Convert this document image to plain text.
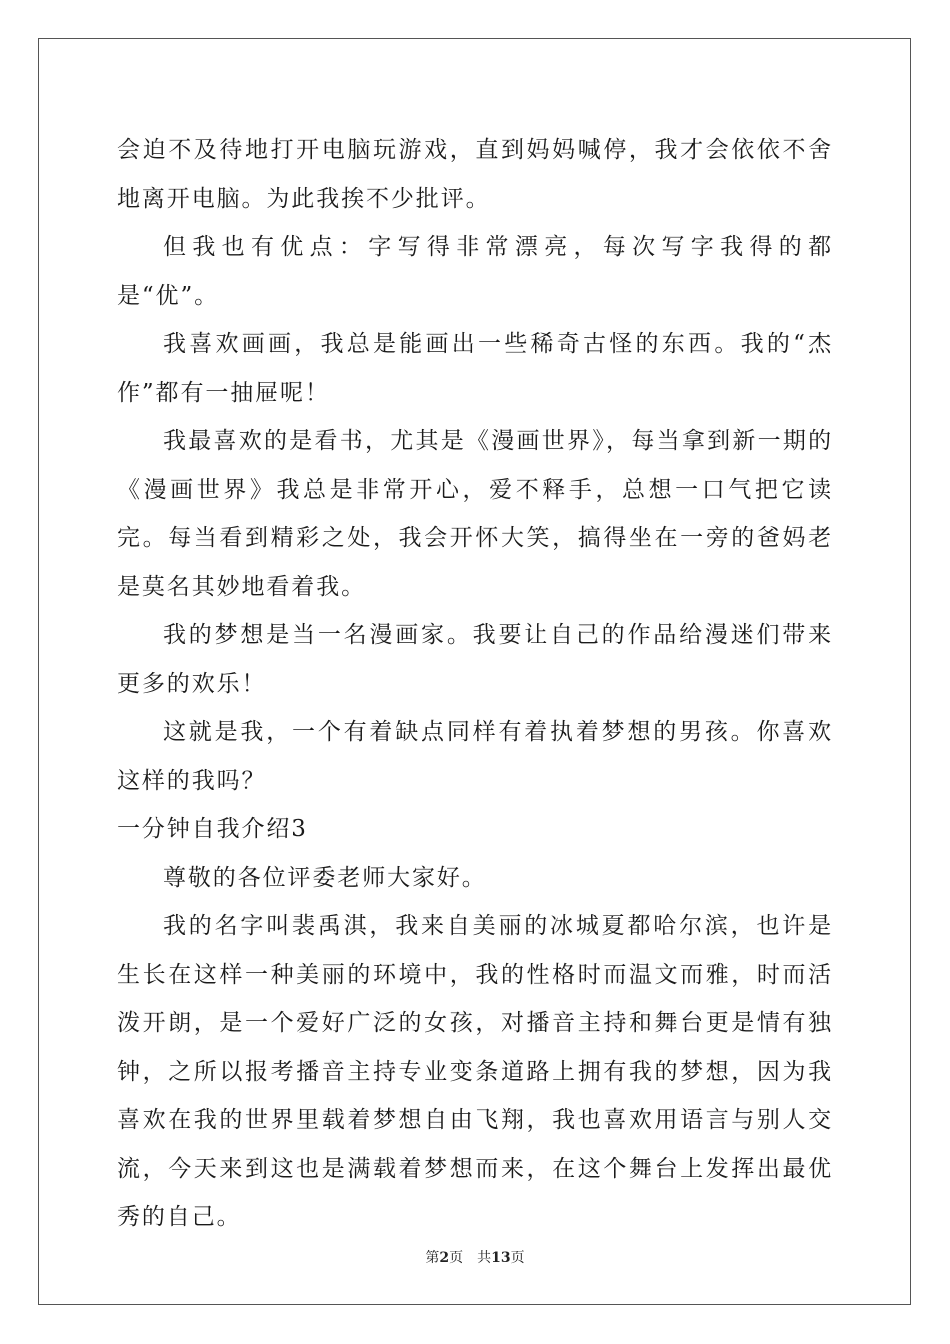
会迫不及待地打开电脑玩游戏，直到妈妈喊停，我才会依依不舍地离开电脑。为此我挨不少批评。

但我也有优点：字写得非常漂亮，每次写字我得的都是“优”。

我喜欢画画，我总是能画出一些稀奇古怪的东西。我的“杰作”都有一抽屉呢！

我最喜欢的是看书，尤其是《漫画世界》，每当拿到新一期的《漫画世界》我总是非常开心，爱不释手，总想一口气把它读完。每当看到精彩之处，我会开怀大笑，搞得坐在一旁的爸妈老是莫名其妙地看着我。

我的梦想是当一名漫画家。我要让自己的作品给漫迷们带来更多的欢乐！

这就是我，一个有着缺点同样有着执着梦想的男孩。你喜欢这样的我吗？

一分钟自我介绍3

尊敬的各位评委老师大家好。

我的名字叫裴禹淇，我来自美丽的冰城夏都哈尔滨，也许是生长在这样一种美丽的环境中，我的性格时而温文而雅，时而活泼开朗，是一个爱好广泛的女孩，对播音主持和舞台更是情有独钟，之所以报考播音主持专业变条道路上拥有我的梦想，因为我喜欢在我的世界里载着梦想自由飞翔，我也喜欢用语言与别人交流，今天来到这也是满载着梦想而来，在这个舞台上发挥出最优秀的自己。

第2页 共13页
